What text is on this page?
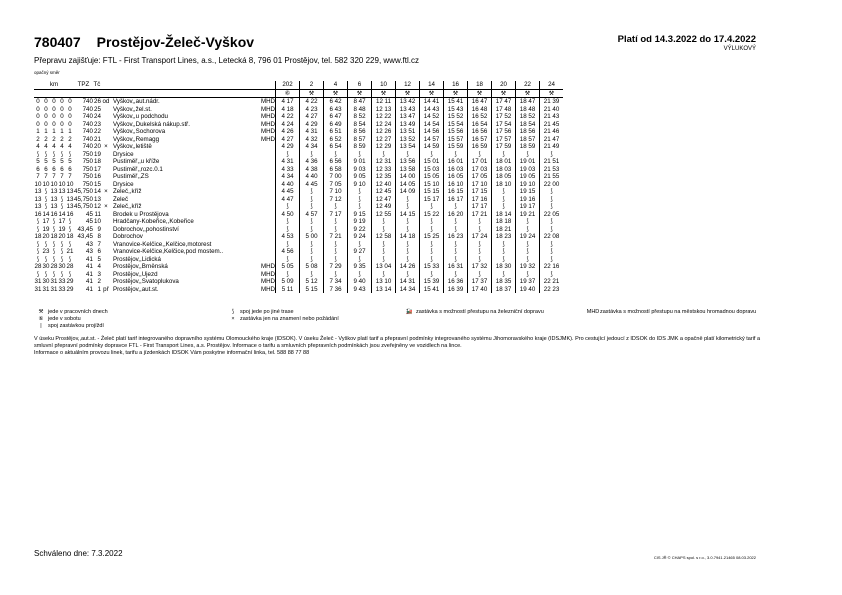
780407 Prostějov-Želeč-Vyškov	Platí od 14.3.2022 do 17.4.2022
VÝLUKOVÝ
Přepravu zajišťuje: FTL - First Transport Lines, a.s., Letecká 8, 796 01 Prostějov, tel. 582 320 229, www.ftl.cz
opačný směr
km					TPZ	Tč				202	2	4	6	10	12	14	16	18	20	22	24
										⑥	⚒	⚒	⚒	⚒	⚒	⚒	⚒	⚒	⚒	⚒	⚒
0	0	0	0	0	740	26	od	Vyškov,,aut.nádr.	MHD	4 17	4 22	6 42	8 47	12 11	13 42	14 41	15 41	16 47	17 47	18 47	21 39
0	0	0	0	0	740	25		Vyškov,,žel.st.	MHD	4 18	4 23	6 43	8 48	12 13	13 43	14 43	15 43	16 48	17 48	18 48	21 40
0	0	0	0	0	740	24		Vyškov,,u podchodu	MHD	4 22	4 27	6 47	8 52	12 22	13 47	14 52	15 52	16 52	17 52	18 52	21 43
0	0	0	0	0	740	23		Vyškov,,Dukelská nákup.stř.	MHD	4 24	4 29	6 49	8 54	12 24	13 49	14 54	15 54	16 54	17 54	18 54	21 45
1	1	1	1	1	740	22		Vyškov,,Sochorova	MHD	4 26	4 31	6 51	8 56	12 26	13 51	14 56	15 56	16 56	17 56	18 56	21 46
2	2	2	2	2	740	21		Vyškov,,Remagg	MHD	4 27	4 32	6 52	8 57	12 27	13 52	14 57	15 57	16 57	17 57	18 57	21 47
4	4	4	4	4	740	20	×	Vyškov,,letiště		4 29	4 34	6 54	8 59	12 29	13 54	14 59	15 59	16 59	17 59	18 59	21 49
⟆	⟆	⟆	⟆	⟆	750	19		Drysice		⟆	⟆	⟆	⟆	⟆	⟆	⟆	⟆	⟆	⟆	⟆	⟆
5	5	5	5	5	750	18		Pustiměř,,u kříže		4 31	4 36	6 56	9 01	12 31	13 56	15 01	16 01	17 01	18 01	19 01	21 51
6	6	6	6	6	750	17		Pustiměř,,rozc.0.1		4 33	4 38	6 58	9 03	12 33	13 58	15 03	16 03	17 03	18 03	19 03	21 53
7	7	7	7	7	750	16		Pustiměř,,ZŠ		4 34	4 40	7 00	9 05	12 35	14 00	15 05	16 05	17 05	18 05	19 05	21 55
10	10	10	10	10	750	15		Drysice		4 40	4 45	7 05	9 10	12 40	14 05	15 10	16 10	17 10	18 10	19 10	22 00
13	⟆	13	13	13	45,750	14	×	Želeč,,kříž		4 45	⟆	7 10	⟆	12 45	14 09	15 15	16 15	17 15	⟆	19 15	⟆
13	⟆	13	⟆	13	45,750	13		Želeč		4 47	⟆	7 12	⟆	12 47	⟆	15 17	16 17	17 16	⟆	19 16	⟆
13	⟆	13	⟆	13	45,750	12	×	Želeč,,kříž		⟆	⟆	⟆	⟆	12 49	⟆	⟆	⟆	17 17	⟆	19 17	⟆
16	14	16	14	16	45	11		Brodek u Prostějova		4 50	4 57	7 17	9 15	12 55	14 15	15 22	16 20	17 21	18 14	19 21	22 05
⟆	17	⟆	17	⟆	45	10		Hradčany-Kobeřice,,Kobeřice		⟆	⟆	⟆	9 19	⟆	⟆	⟆	⟆	⟆	18 18	⟆	⟆
⟆	19	⟆	19	⟆	43,45	9		Dobrochov,,pohostinství		⟆	⟆	⟆	9 22	⟆	⟆	⟆	⟆	⟆	18 21	⟆	⟆
18	20	18	20	18	43,45	8		Dobrochov		4 53	5 00	7 21	9 24	12 58	14 18	15 25	16 23	17 24	18 23	19 24	22 08
⟆	⟆	⟆	⟆	⟆	43	7		Vranovice-Kelčice,,Kelčice,motorest		⟆	⟆	⟆	⟆	⟆	⟆	⟆	⟆	⟆	⟆	⟆	⟆
⟆	23	⟆	⟆	21	43	6		Vranovice-Kelčice,Kelčice,pod mostem..		4 56	⟆	⟆	9 27	⟆	⟆	⟆	⟆	⟆	⟆	⟆	⟆
⟆	⟆	⟆	⟆	⟆	41	5		Prostějov,,Lidická		⟆	⟆	⟆	⟆	⟆	⟆	⟆	⟆	⟆	⟆	⟆	⟆
28	30	28	30	28	41	4		Prostějov,,Brněnská	MHD	5 05	5 08	7 29	9 35	13 04	14 26	15 33	16 31	17 32	18 30	19 32	22 16
⟆	⟆	⟆	⟆	⟆	41	3		Prostějov,,Újezd	MHD	⟆	⟆	⟆	⟆	⟆	⟆	⟆	⟆	⟆	⟆	⟆	⟆
31	30	31	33	29	41	2		Prostějov,,Svatoplukova	MHD	5 09	5 12	7 34	9 40	13 10	14 31	15 39	16 36	17 37	18 35	19 37	22 21
31	31	31	33	29	41	1	př	Prostějov,,aut.st.	MHD	5 11	5 15	7 36	9 43	13 14	14 34	15 41	16 39	17 40	18 37	19 40	22 23
⚒ jede v pracovních dnech
⑥ jede v sobotu
| spoj zastávkou projíždí
⟆ spoj jede po jiné trase
× zastávka jen na znamení nebo požádání
🚂 zastávka s možností přestupu na železniční dopravu	MHDzastávka s možností přestupu na městskou hromadnou dopravu
V úseku Prostějov,,aut.st. - Želeč platí tarif integrovaného dopravního systému Olomouckého kraje (IDSOK). V úseku Želeč - Vyškov platí tarif a přepravní podmínky integrovaného systému Jihomoravského kraje (IDSJMK). Pro cestující jedoucí z IDSOK do IDS JMK a opačně platí kilometrický tarif a smluvní přepravní podmínky dopravce FTL - First Transport Lines, a.s. Prostějov. Informace o tarifu a smluvních přepravních podmínkách jsou zveřejněny ve vozidlech na lince.
Informace o aktuálním provozu linek, tarifu a jízdenkách IDSOK Vám poskytne informační linka, tel. 588 88 77 88
Schváleno dne: 7.3.2022	CIS JŘ © CHAPS spol. s r.o., 3.0.7941.21465 08.03.2022
